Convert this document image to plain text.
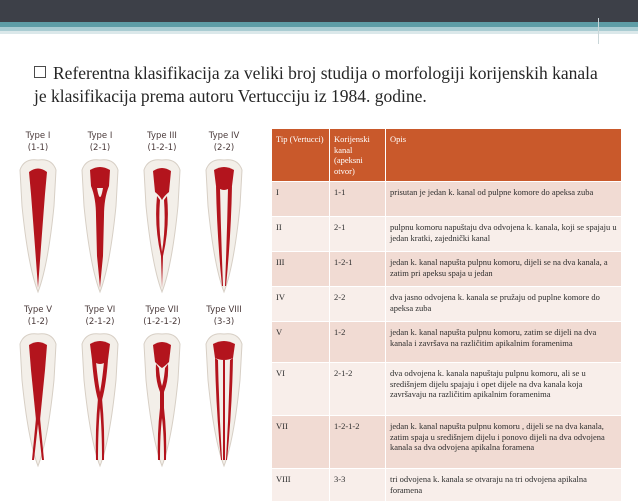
Referentna klasifikacija za veliki broj studija o morfologiji korijenskih kanala je klasifikacija prema autoru Vertucciju iz 1984. godine.
Type I
(1-1)
Type I
(2-1)
Type III
(1-2-1)
Type IV
(2-2)
Type V
(1-2)
Type VI
(2-1-2)
Type VII
(1-2-1-2)
Type VIII
(3-3)
Tip (Vertucci)	Korijenski kanal (apeksni otvor)	Opis
I	1-1	prisutan je jedan k. kanal od pulpne komore do apeksa zuba
II	2-1	pulpnu komoru napuštaju dva odvojena k. kanala, koji se spajaju u jedan kratki, zajednički kanal
III	1-2-1	jedan k. kanal napušta pulpnu komoru, dijeli se na dva kanala, a zatim pri apeksu spaja u jedan
IV	2-2	dva jasno odvojena k. kanala se pružaju od puplne komore do apeksa zuba
V	1-2	jedan k. kanal napušta pulpnu komoru, zatim se dijeli na dva kanala i završava na različitim apikalnim foramenima
VI	2-1-2	dva odvojena k. kanala napuštaju pulpnu komoru, ali se u središnjem dijelu spajaju i opet dijele na dva kanala koja završavaju na različitim apikalnim foramenima
VII	1-2-1-2	jedan k. kanal napušta pulpnu komoru , dijeli se na dva kanala, zatim spaja u središnjem dijelu i ponovo dijeli na dva odvojena kanala sa dva odvojena apikalna foramena
VIII	3-3	tri odvojena k. kanala se otvaraju na tri odvojena apikalna foramena
